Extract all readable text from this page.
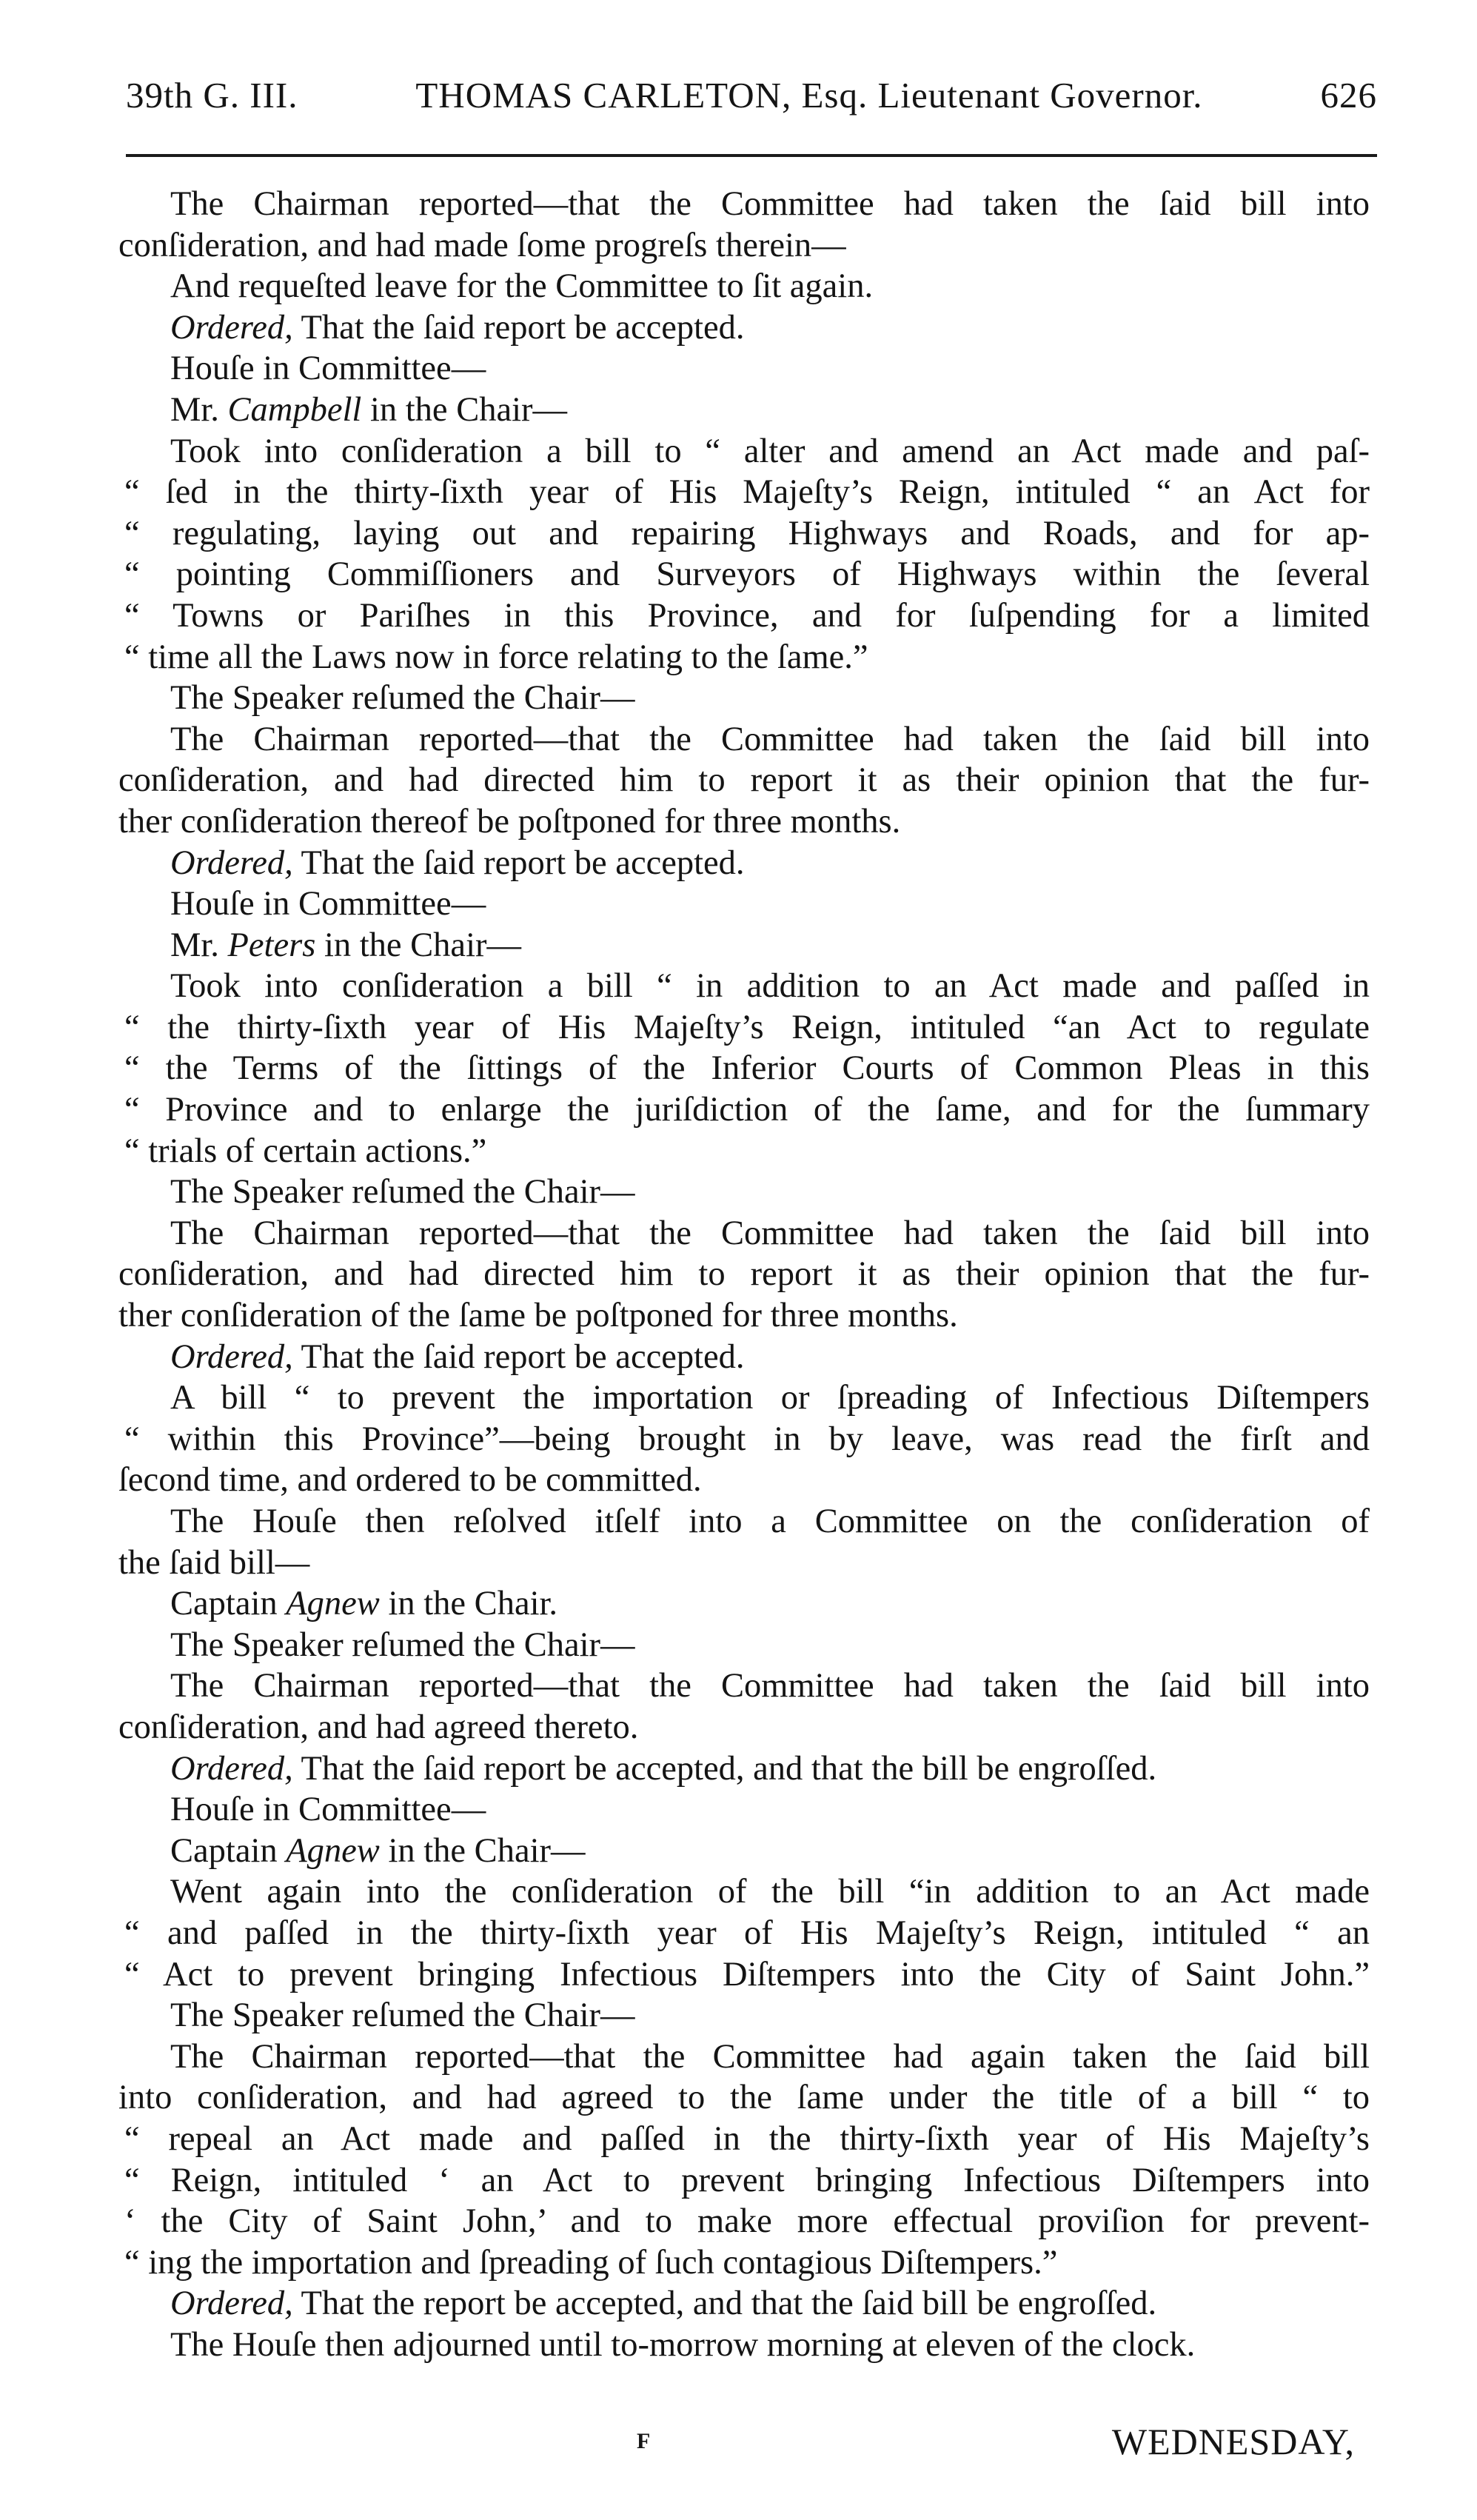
39th G. III.	THOMAS CARLETON, Esq. Lieutenant Governor.	626
The Chairman reported—that the Committee had taken the ſaid bill into
conſideration, and had made ſome progreſs therein—
And requeſted leave for the Committee to ſit again.
Ordered, That the ſaid report be accepted.
Houſe in Committee—
Mr. Campbell in the Chair—
Took into conſideration a bill to “ alter and amend an Act made and paſ-
“ ſed in the thirty-ſixth year of His Majeſty’s Reign, intituled “ an Act for
“ regulating, laying out and repairing Highways and Roads, and for ap-
“ pointing Commiſſioners and Surveyors of Highways within the ſeveral
“ Towns or Pariſhes in this Province, and for ſuſpending for a limited
“ time all the Laws now in force relating to the ſame.”
The Speaker reſumed the Chair—
The Chairman reported—that the Committee had taken the ſaid bill into
conſideration, and had directed him to report it as their opinion that the fur-
ther conſideration thereof be poſtponed for three months.
Ordered, That the ſaid report be accepted.
Houſe in Committee—
Mr. Peters in the Chair—
Took into conſideration a bill “ in addition to an Act made and paſſed in
“ the thirty-ſixth year of His Majeſty’s Reign, intituled “an Act to regulate
“ the Terms of the ſittings of the Inferior Courts of Common Pleas in this
“ Province and to enlarge the juriſdiction of the ſame, and for the ſummary
“ trials of certain actions.”
The Speaker reſumed the Chair—
The Chairman reported—that the Committee had taken the ſaid bill into
conſideration, and had directed him to report it as their opinion that the fur-
ther conſideration of the ſame be poſtponed for three months.
Ordered, That the ſaid report be accepted.
A bill “ to prevent the importation or ſpreading of Infectious Diſtempers
“ within this Province”—being brought in by leave, was read the firſt and
ſecond time, and ordered to be committed.
The Houſe then reſolved itſelf into a Committee on the conſideration of
the ſaid bill—
Captain Agnew in the Chair.
The Speaker reſumed the Chair—
The Chairman reported—that the Committee had taken the ſaid bill into
conſideration, and had agreed thereto.
Ordered, That the ſaid report be accepted, and that the bill be engroſſed.
Houſe in Committee—
Captain Agnew in the Chair—
Went again into the conſideration of the bill “in addition to an Act made
“ and paſſed in the thirty-ſixth year of His Majeſty’s Reign, intituled “ an
“ Act to prevent bringing Infectious Diſtempers into the City of Saint John.”
The Speaker reſumed the Chair—
The Chairman reported—that the Committee had again taken the ſaid bill
into conſideration, and had agreed to the ſame under the title of a bill “ to
“ repeal an Act made and paſſed in the thirty-ſixth year of His Majeſty’s
“ Reign, intituled ‘ an Act to prevent bringing Infectious Diſtempers into
‘ the City of Saint John,’ and to make more effectual proviſion for prevent-
“ ing the importation and ſpreading of ſuch contagious Diſtempers.”
Ordered, That the report be accepted, and that the ſaid bill be engroſſed.
The Houſe then adjourned until to-morrow morning at eleven of the clock.
F	WEDNESDAY,
